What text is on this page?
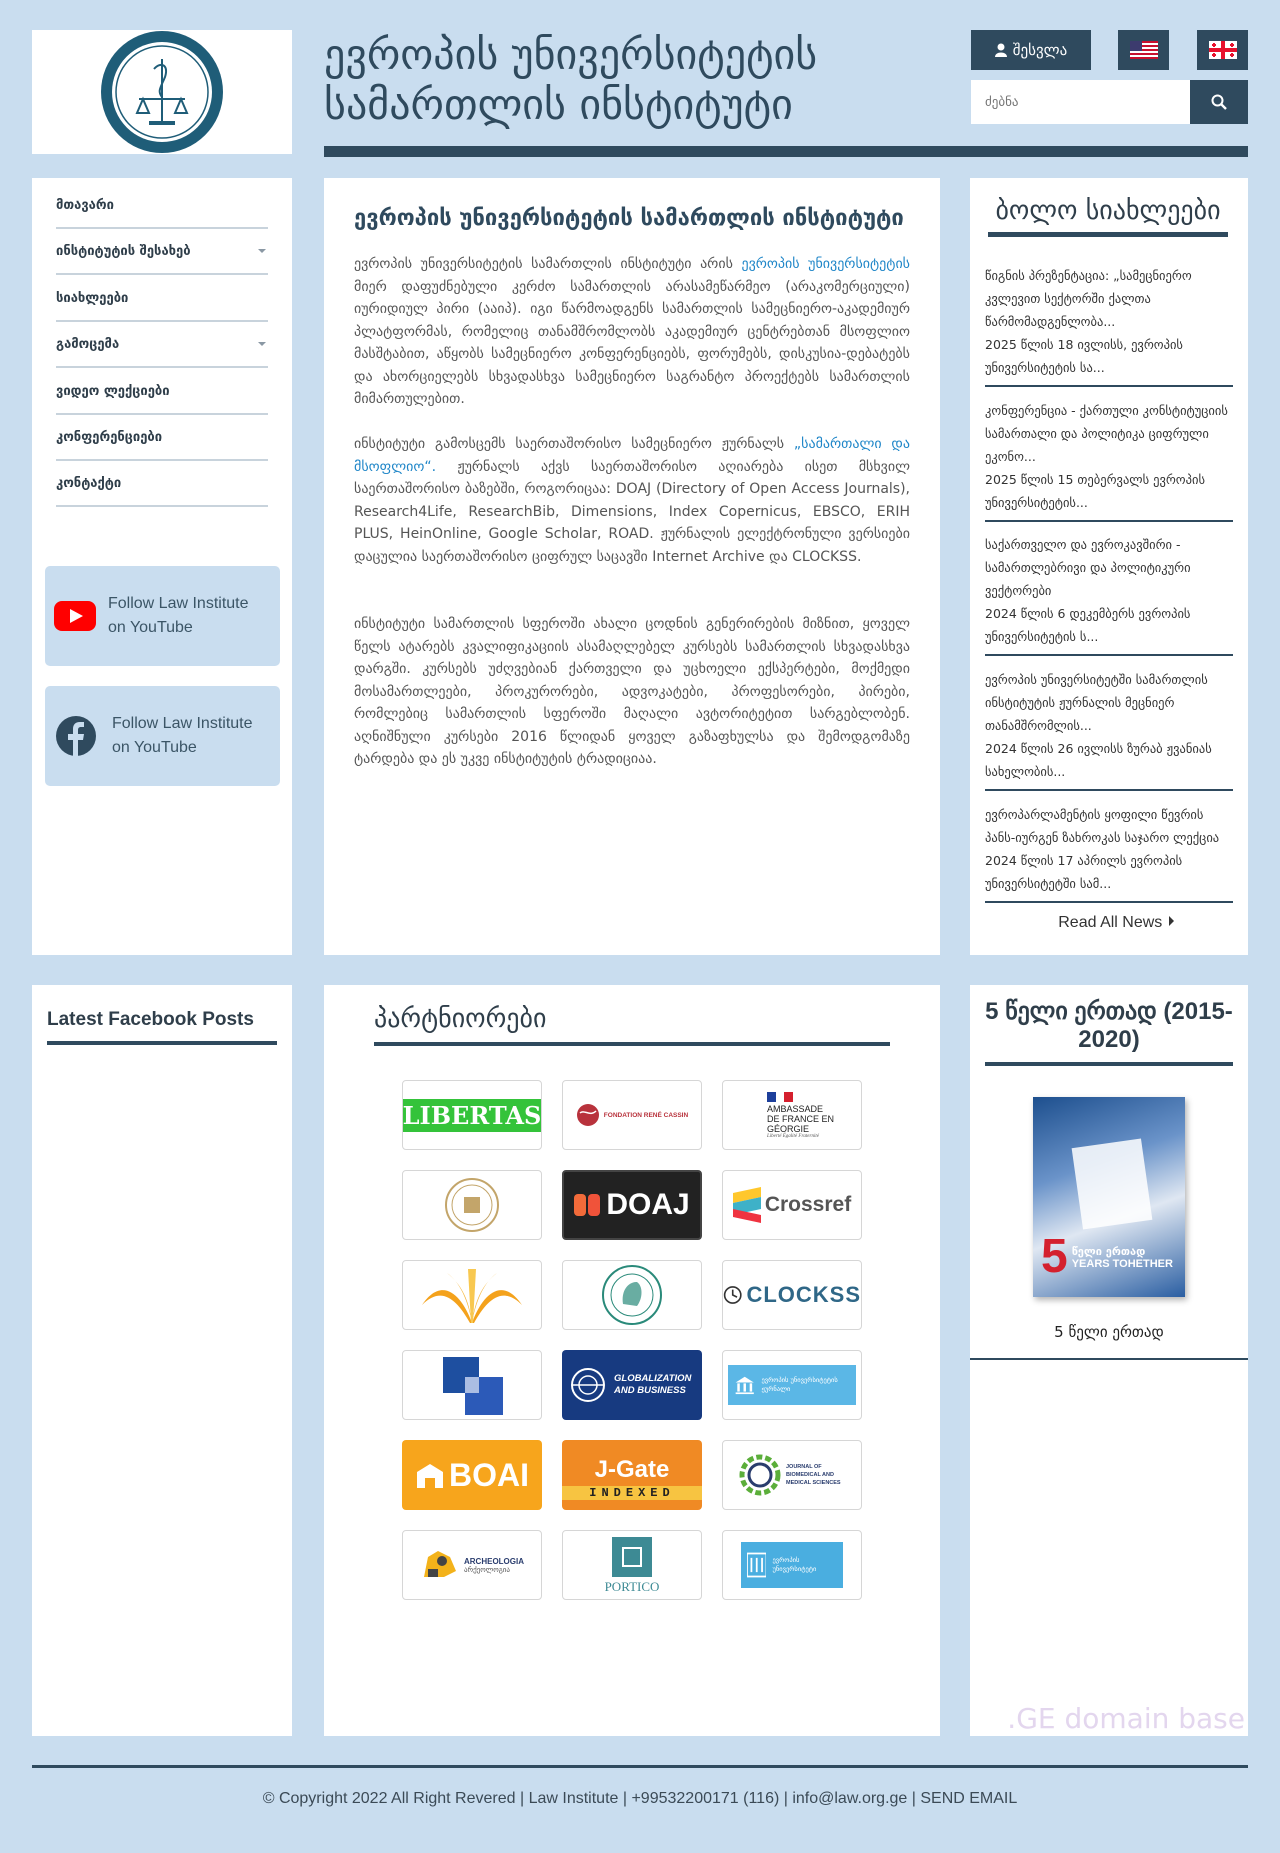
ევროპის უნივერსიტეტის
სამართლის ინსტიტუტი
შესვლა
ძებნა
მთავარი
ინსტიტუტის შესახებ
სიახლეები
გამოცემა
ვიდეო ლექციები
კონფერენციები
კონტაქტი
Follow Law Institute
on YouTube
Follow Law Institute
on YouTube
ევროპის უნივერსიტეტის სამართლის ინსტიტუტი
ევროპის უნივერსიტეტის სამართლის ინსტიტუტი არის ევროპის უნივერსიტეტის მიერ დაფუძნებული კერძო სამართლის არასამეწარმეო (არაკომერციული) იურიდიულ პირი (ააიპ). იგი წარმოადგენს სამართლის სამეცნიერო-აკადემიურ პლატფორმას, რომელიც თანამშრომლობს აკადემიურ ცენტრებთან მსოფლიო მასშტაბით, აწყობს სამეცნიერო კონფერენციებს, ფორუმებს, დისკუსია-დებატებს და ახორციელებს სხვადასხვა სამეცნიერო საგრანტო პროექტებს სამართლის მიმართულებით.
ინსტიტუტი გამოსცემს საერთაშორისო სამეცნიერო ჟურნალს „სამართალი და მსოფლიო“. ჟურნალს აქვს საერთაშორისო აღიარება ისეთ მსხვილ საერთაშორისო ბაზებში, როგორიცაა: DOAJ (Directory of Open Access Journals), Research4Life, ResearchBib, Dimensions, Index Copernicus, EBSCO, ERIH PLUS, HeinOnline, Google Scholar, ROAD. ჟურნალის ელექტრონული ვერსიები დაცულია საერთაშორისო ციფრულ საცავში Internet Archive და CLOCKSS.
ინსტიტუტი სამართლის სფეროში ახალი ცოდნის გენერირების მიზნით, ყოველ წელს ატარებს კვალიფიკაციის ასამაღლებელ კურსებს სამართლის სხვადასხვა დარგში. კურსებს უძღვებიან ქართველი და უცხოელი ექსპერტები, მოქმედი მოსამართლეები, პროკურორები, ადვოკატები, პროფესორები, პირები, რომლებიც სამართლის სფეროში მაღალი ავტორიტეტით სარგებლობენ. აღნიშნული კურსები 2016 წლიდან ყოველ გაზაფხულსა და შემოდგომაზე ტარდება და ეს უკვე ინსტიტუტის ტრადიციაა.
ბოლო სიახლეები
წიგნის პრეზენტაცია: „სამეცნიერო კვლევით სექტორში ქალთა წარმომადგენლობა...
2025 წლის 18 ივლისს, ევროპის უნივერსიტეტის სა...
კონფერენცია - ქართული კონსტიტუციის სამართალი და პოლიტიკა ციფრული ეკონო...
2025 წლის 15 თებერვალს ევროპის უნივერსიტეტის...
საქართველო და ევროკავშირი - სამართლებრივი და პოლიტიკური ვექტორები
2024 წლის 6 დეკემბერს ევროპის უნივერსიტეტის ს...
ევროპის უნივერსიტეტში სამართლის ინსტიტუტის ჟურნალის მეცნიერ თანამშრომლის...
2024 წლის 26 ივლისს ზურაბ ჟვანიას სახელობის...
ევროპარლამენტის ყოფილი წევრის პანს-იურგენ ზახროკას საჯარო ლექცია
2024 წლის 17 აპრილს ევროპის უნივერსიტეტში სამ...
Read All News
Latest Facebook Posts	პარტნიორები
LIBERTAS	FONDATION RENÉ CASSIN
AMBASSADE DE FRANCE EN GÉORGIE
Liberté Égalité Fraternité
DOAJ	Crossref
CLOCKSS
GLOBALIZATION AND BUSINESS
ევროპის უნივერსიტეტის ჟურნალი
BOAI	J-Gate
INDEXED
JOURNAL OF BIOMEDICAL AND MEDICAL SCIENCES
ARCHEOLOGIA
არქეოლოგია
PORTICO
ევროპის უნივერსიტეტი
5 წელი ერთად (2015-2020)
5 წელი ერთად
YEARS TOHETHER
5 წელი ერთად
.GE domain base
© Copyright 2022 All Right Revered | Law Institute | +99532200171 (116) | info@law.org.ge | SEND EMAIL
